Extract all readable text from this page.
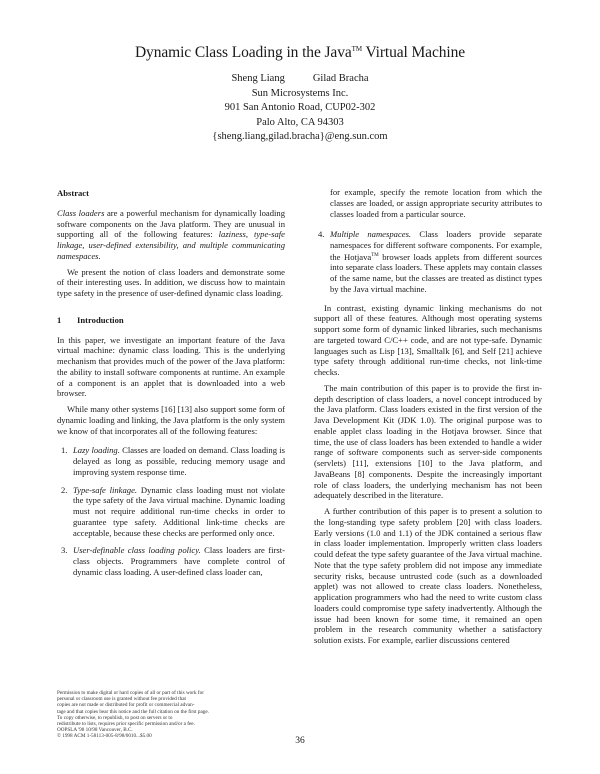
Dynamic Class Loading in the Java™ Virtual Machine
Sheng Liang	Gilad Bracha
Sun Microsystems Inc.
901 San Antonio Road, CUP02-302
Palo Alto, CA 94303
{sheng.liang,gilad.bracha}@eng.sun.com
Abstract

Class loaders are a powerful mechanism for dynamically loading software components on the Java platform. They are unusual in supporting all of the following features: laziness, type-safe linkage, user-defined extensibility, and multiple communicating namespaces.

We present the notion of class loaders and demonstrate some of their interesting uses. In addition, we discuss how to maintain type safety in the presence of user-defined dynamic class loading.

1 Introduction

In this paper, we investigate an important feature of the Java virtual machine: dynamic class loading. This is the underlying mechanism that provides much of the power of the Java platform: the ability to install software components at runtime. An example of a component is an applet that is downloaded into a web browser.

While many other systems [16] [13] also support some form of dynamic loading and linking, the Java platform is the only system we know of that incorporates all of the following features:

1. Lazy loading. Classes are loaded on demand. Class loading is delayed as long as possible, reducing memory usage and improving system response time.
2. Type-safe linkage. Dynamic class loading must not violate the type safety of the Java virtual machine. Dynamic loading must not require additional run-time checks in order to guarantee type safety. Additional link-time checks are acceptable, because these checks are performed only once.
3. User-definable class loading policy. Class loaders are first-class objects. Programmers have complete control of dynamic class loading. A user-defined class loader can,

for example, specify the remote location from which the classes are loaded, or assign appropriate security attributes to classes loaded from a particular source.

4. Multiple namespaces. Class loaders provide separate namespaces for different software components. For example, the Hotjava™ browser loads applets from different sources into separate class loaders. These applets may contain classes of the same name, but the classes are treated as distinct types by the Java virtual machine.

In contrast, existing dynamic linking mechanisms do not support all of these features. Although most operating systems support some form of dynamic linked libraries, such mechanisms are targeted toward C/C++ code, and are not type-safe. Dynamic languages such as Lisp [13], Smalltalk [6], and Self [21] achieve type safety through additional run-time checks, not link-time checks.

The main contribution of this paper is to provide the first in-depth description of class loaders, a novel concept introduced by the Java platform. Class loaders existed in the first version of the Java Development Kit (JDK 1.0). The original purpose was to enable applet class loading in the Hotjava browser. Since that time, the use of class loaders has been extended to handle a wider range of software components such as server-side components (servlets) [11], extensions [10] to the Java platform, and JavaBeans [8] components. Despite the increasingly important role of class loaders, the underlying mechanism has not been adequately described in the literature.

A further contribution of this paper is to present a solution to the long-standing type safety problem [20] with class loaders. Early versions (1.0 and 1.1) of the JDK contained a serious flaw in class loader implementation. Improperly written class loaders could defeat the type safety guarantee of the Java virtual machine. Note that the type safety problem did not impose any immediate security risks, because untrusted code (such as a downloaded applet) was not allowed to create class loaders. Nonetheless, application programmers who had the need to write custom class loaders could compromise type safety inadvertently. Although the issue had been known for some time, it remained an open problem in the research community whether a satisfactory solution exists. For example, earlier discussions centered

Permission to make digital or hard copies of all or part of this work for
personal or classroom use is granted without fee provided that
copies are not made or distributed for profit or commercial advan-
tage and that copies bear this notice and the full citation on the first page.
To copy otherwise, to republish, to post on servers or to
redistribute to lists, requires prior specific permission and/or a fee.
OOPSLA '98 10/98 Vancouver, B.C.
© 1998 ACM 1-58113-005-8/98/0010...$5.00	36
